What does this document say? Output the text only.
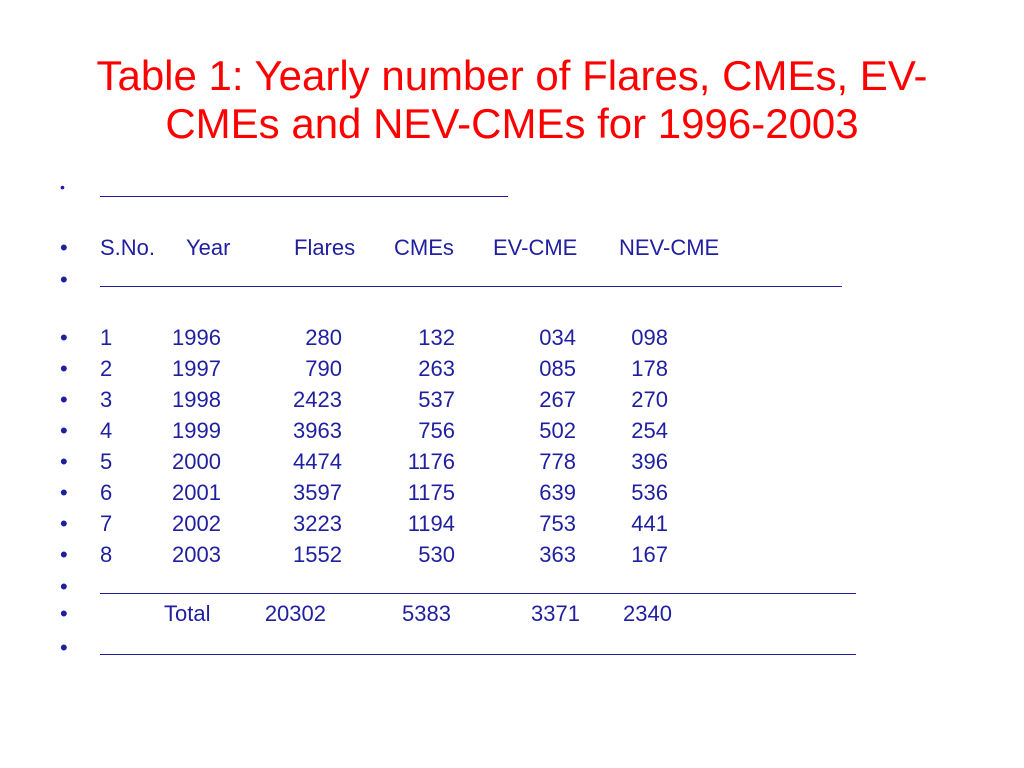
Table 1: Yearly number of Flares, CMEs, EV-CMEs and NEV-CMEs for 1996-2003
•
• S.No. Year	Flares CMEs EV-CME NEV-CME
•
• 1	1996	280	132	034	098
• 2	1997	790	263	085	178
• 3	1998	2423	537	267	270
• 4	1999	3963	756	502	254
• 5	2000	4474	1176	778	396
• 6	2001	3597	1175	639	536
• 7	2002	3223	1194	753	441
• 8	2003	1552	530	363	167
•
•	Total	20302	5383	3371	2340
•
